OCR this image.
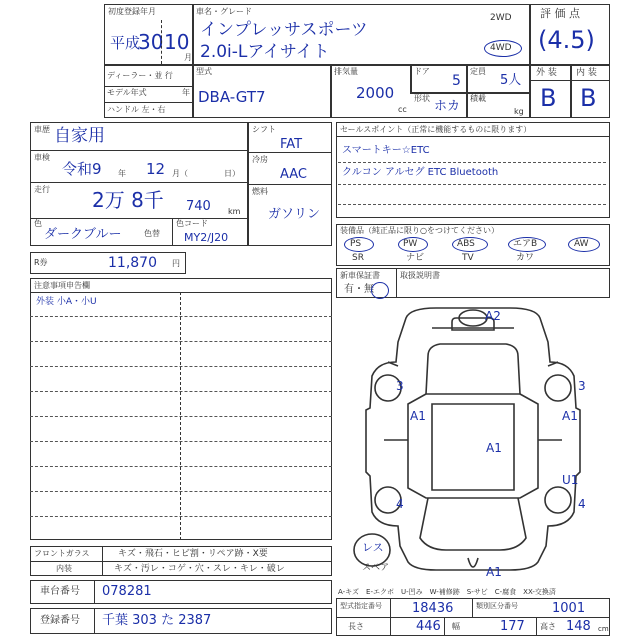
初度登録年月
平成
30 10
月
車名・グレード
インプレッサスポーツ
2.0i-Lアイサイト
2WD
4WD
ディーラー・並 行
モデル年式	年
ハンドル 左・右
型式
DBA-GT7
排気量
2000
cc
ドア
5
定員
5人
形状
ホカ
積載
kg
評 価 点
(4.5)
外 装 内 装
B B
車歴 自家用
車検
令和9 年 12 月（	日）
走行 2万 8千 740 km
色
ダークブルー	色替
色コード
MY2/J20
シフト
FAT
冷房
AAC
燃料
ガソリン
R券	11,870 円
セールスポイント（正常に機能するものに限ります）
スマートキー☆ETC
クルコン アルセグ ETC Bluetooth
装備品（純正品に限り○をつけてください）
PS	PW	ABS	エアB	AW
SR	ナビ	TV	カワ
新車保証書
有・無
取扱説明書
注意事項申告欄
外装 小A・小U
A2
3	3
A1	A1
A1
U1
4	4
A1
レス
スペア
フロントガラス	キズ・飛石・ヒビ割・リペア跡・X要
内装	キズ・汚レ・コゲ・穴・スレ・キレ・破レ
車台番号 078281
登録番号 千葉 303 た 2387
A-キズ　E-エクボ　U-凹み　W-補修跡　S-サビ　C-腐食　XX-交換済
型式指定番号 18436	類別区分番号	1001
長さ	446 幅	177 高さ 148 cm
